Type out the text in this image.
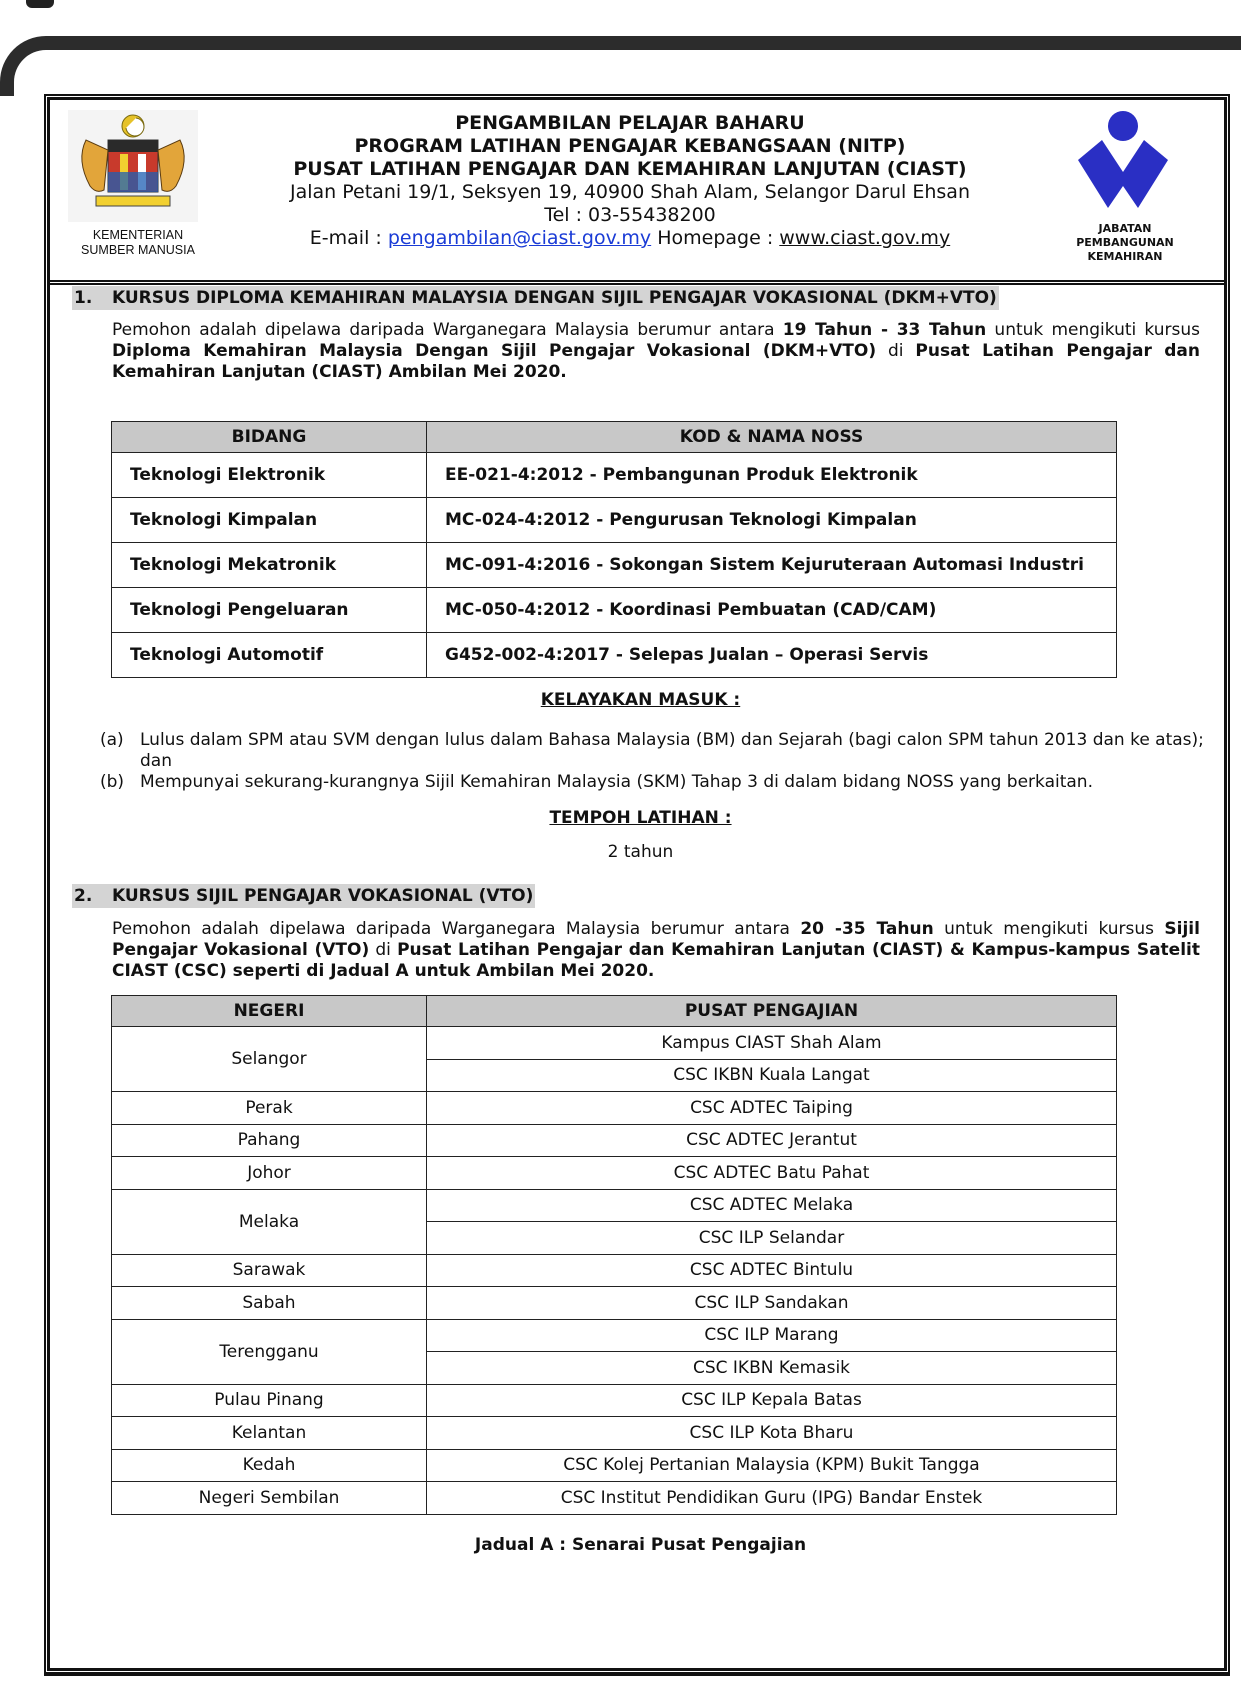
KEMENTERIAN
SUMBER MANUSIA
JABATAN
PEMBANGUNAN
KEMAHIRAN
PENGAMBILAN PELAJAR BAHARU
PROGRAM LATIHAN PENGAJAR KEBANGSAAN (NITP)
PUSAT LATIHAN PENGAJAR DAN KEMAHIRAN LANJUTAN (CIAST)
Jalan Petani 19/1, Seksyen 19, 40900 Shah Alam, Selangor Darul Ehsan
Tel : 03-55438200
E-mail : pengambilan@ciast.gov.my Homepage : www.ciast.gov.my
1. KURSUS DIPLOMA KEMAHIRAN MALAYSIA DENGAN SIJIL PENGAJAR VOKASIONAL (DKM+VTO)
Pemohon adalah dipelawa daripada Warganegara Malaysia berumur antara 19 Tahun - 33 Tahun untuk mengikuti kursus Diploma Kemahiran Malaysia Dengan Sijil Pengajar Vokasional (DKM+VTO) di Pusat Latihan Pengajar dan Kemahiran Lanjutan (CIAST) Ambilan Mei 2020.
BIDANG	KOD & NAMA NOSS
Teknologi Elektronik	EE-021-4:2012 - Pembangunan Produk Elektronik
Teknologi Kimpalan	MC-024-4:2012 - Pengurusan Teknologi Kimpalan
Teknologi Mekatronik	MC-091-4:2016 - Sokongan Sistem Kejuruteraan Automasi Industri
Teknologi Pengeluaran	MC-050-4:2012 - Koordinasi Pembuatan (CAD/CAM)
Teknologi Automotif	G452-002-4:2017 - Selepas Jualan – Operasi Servis
KELAYAKAN MASUK :
(a) Lulus dalam SPM atau SVM dengan lulus dalam Bahasa Malaysia (BM) dan Sejarah (bagi calon SPM tahun 2013 dan ke atas); dan
(b) Mempunyai sekurang-kurangnya Sijil Kemahiran Malaysia (SKM) Tahap 3 di dalam bidang NOSS yang berkaitan.
TEMPOH LATIHAN :
2 tahun
2. KURSUS SIJIL PENGAJAR VOKASIONAL (VTO)
Pemohon adalah dipelawa daripada Warganegara Malaysia berumur antara 20 -35 Tahun untuk mengikuti kursus Sijil Pengajar Vokasional (VTO) di Pusat Latihan Pengajar dan Kemahiran Lanjutan (CIAST) & Kampus-kampus Satelit CIAST (CSC) seperti di Jadual A untuk Ambilan Mei 2020.
NEGERI	PUSAT PENGAJIAN
Selangor	Kampus CIAST Shah Alam
	CSC IKBN Kuala Langat
Perak	CSC ADTEC Taiping
Pahang	CSC ADTEC Jerantut
Johor	CSC ADTEC Batu Pahat
Melaka	CSC ADTEC Melaka
	CSC ILP Selandar
Sarawak	CSC ADTEC Bintulu
Sabah	CSC ILP Sandakan
Terengganu	CSC ILP Marang
	CSC IKBN Kemasik
Pulau Pinang	CSC ILP Kepala Batas
Kelantan	CSC ILP Kota Bharu
Kedah	CSC Kolej Pertanian Malaysia (KPM) Bukit Tangga
Negeri Sembilan	CSC Institut Pendidikan Guru (IPG) Bandar Enstek
Jadual A : Senarai Pusat Pengajian
